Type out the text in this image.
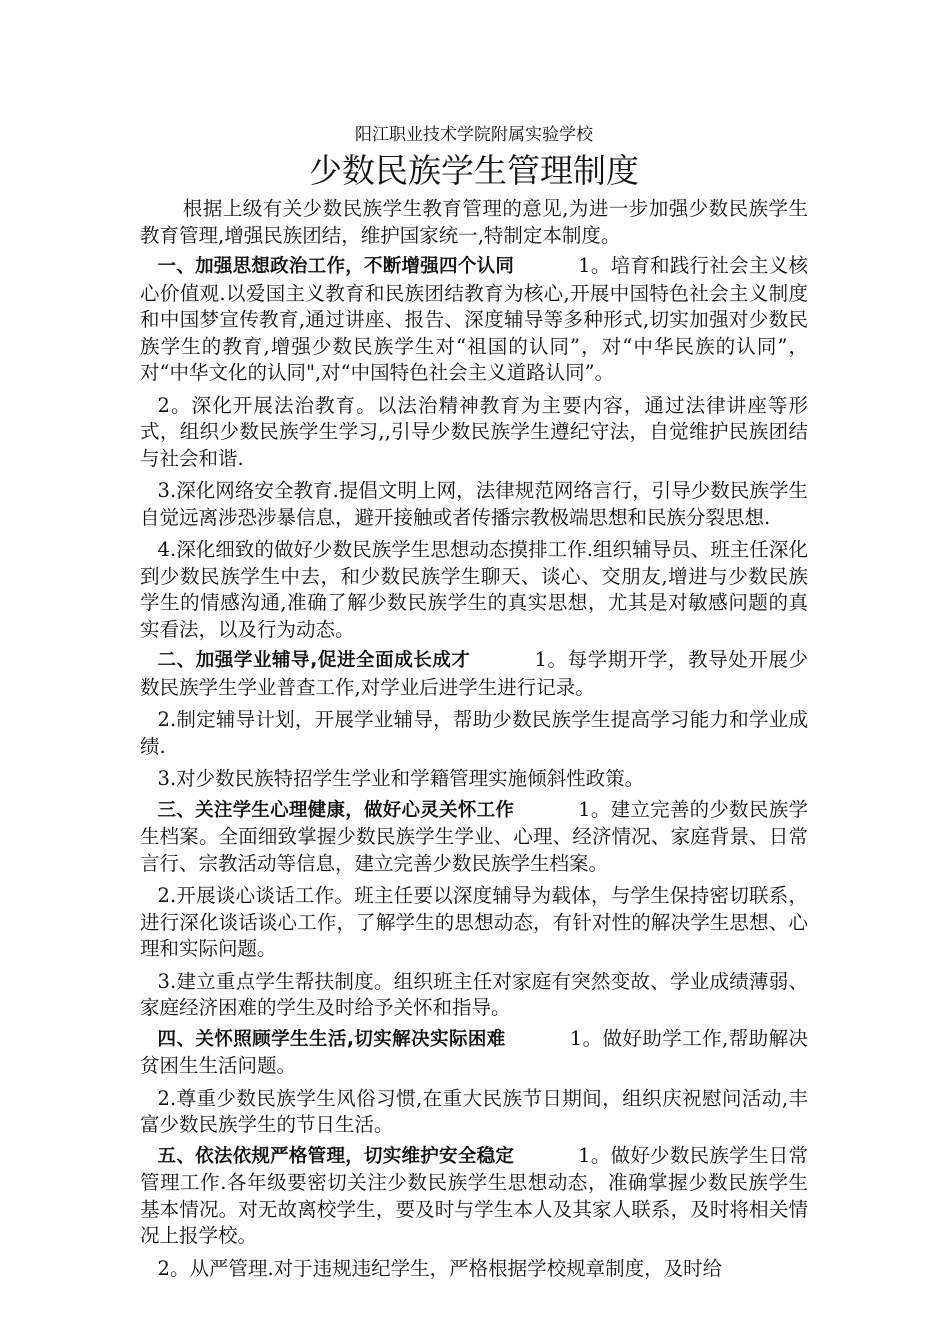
阳江职业技术学院附属实验学校

少数民族学生管理制度

根据上级有关少数民族学生教育管理的意见,为进一步加强少数民族学生教育管理,增强民族团结，维护国家统一,特制定本制度。

一、加强思想政治工作，不断增强四个认同	1。培育和践行社会主义核心价值观.以爱国主义教育和民族团结教育为核心,开展中国特色社会主义制度和中国梦宣传教育,通过讲座、报告、深度辅导等多种形式,切实加强对少数民族学生的教育,增强少数民族学生对“祖国的认同”，对“中华民族的认同”，对“中华文化的认同",对“中国特色社会主义道路认同”。

2。深化开展法治教育。以法治精神教育为主要内容，通过法律讲座等形式，组织少数民族学生学习,,引导少数民族学生遵纪守法，自觉维护民族团结与社会和谐.

3.深化网络安全教育.提倡文明上网，法律规范网络言行，引导少数民族学生自觉远离涉恐涉暴信息，避开接触或者传播宗教极端思想和民族分裂思想.

4.深化细致的做好少数民族学生思想动态摸排工作.组织辅导员、班主任深化到少数民族学生中去，和少数民族学生聊天、谈心、交朋友,增进与少数民族学生的情感沟通,准确了解少数民族学生的真实思想，尤其是对敏感问题的真实看法，以及行为动态。

二、加强学业辅导,促进全面成长成才	1。每学期开学，教导处开展少数民族学生学业普查工作,对学业后进学生进行记录。

2.制定辅导计划，开展学业辅导，帮助少数民族学生提高学习能力和学业成绩.

3.对少数民族特招学生学业和学籍管理实施倾斜性政策。

三、关注学生心理健康，做好心灵关怀工作	1。建立完善的少数民族学生档案。全面细致掌握少数民族学生学业、心理、经济情况、家庭背景、日常言行、宗教活动等信息，建立完善少数民族学生档案。

2.开展谈心谈话工作。班主任要以深度辅导为载体，与学生保持密切联系，进行深化谈话谈心工作，了解学生的思想动态，有针对性的解决学生思想、心理和实际问题。

3.建立重点学生帮扶制度。组织班主任对家庭有突然变故、学业成绩薄弱、家庭经济困难的学生及时给予关怀和指导。

四、关怀照顾学生生活,切实解决实际困难	1。做好助学工作,帮助解决贫困生生活问题。

2.尊重少数民族学生风俗习惯,在重大民族节日期间，组织庆祝慰问活动,丰富少数民族学生的节日生活。

五、依法依规严格管理，切实维护安全稳定	1。做好少数民族学生日常管理工作.各年级要密切关注少数民族学生思想动态，准确掌握少数民族学生基本情况。对无故离校学生，要及时与学生本人及其家人联系，及时将相关情况上报学校。

2。从严管理.对于违规违纪学生，严格根据学校规章制度，及时给
